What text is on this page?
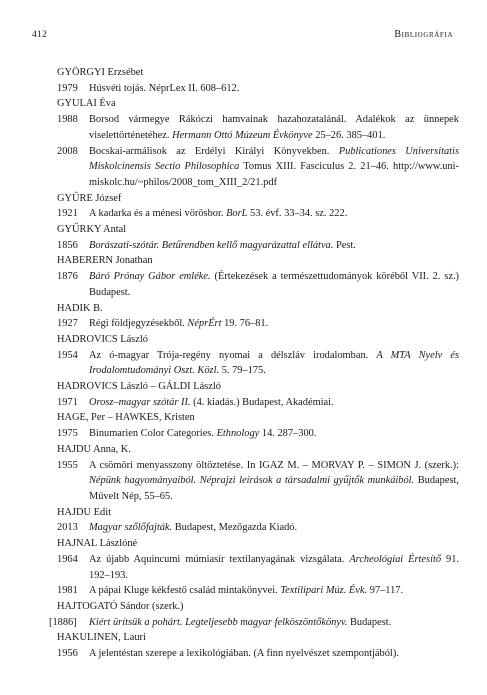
412	Bibliográfia
GYÖRGYI Erzsébet
1979	Húsvéti tojás. NéprLex II. 608–612.
GYULAI Éva
1988	Borsod vármegye Rákóczi hamvainak hazahozatalánál. Adalékok az ünnepek viselettörténetéhez. Hermann Ottó Múzeum Évkönyve 25–26. 385–401.
2008	Bocskai-armálisok az Erdélyi Királyi Könyvekben. Publicationes Universitatis Miskolcinensis Sectio Philosophica Tomus XIII. Fasciculus 2. 21–46. http://www.uni-miskolc.hu/~philos/2008_tom_XIII_2/21.pdf
GYŰRE József
1921	A kadarka és a ménesi vörösbor. BorL 53. évf. 33–34. sz. 222.
GYŰRKY Antal
1856	Borászati-szótár. Betűrendben kellő magyarázattal ellátva. Pest.
HABERERN Jonathan
1876	Báró Prónay Gábor emléke. (Értekezések a természettudományok köréből VII. 2. sz.) Budapest.
HADIK B.
1927	Régi földjegyzésekből. NéprÉrt 19. 76–81.
HADROVICS László
1954	Az ó-magyar Trója-regény nyomai a délszláv irodalomban. A MTA Nyelv és Irodalomtudományi Oszt. Közl. 5. 79–175.
HADROVICS László – GÁLDI László
1971	Orosz–magyar szótár II. (4. kiadás.) Budapest, Akadémiai.
HAGE, Per – HAWKES, Kristen
1975	Binumarien Color Categories. Ethnology 14. 287–300.
HAJDU Anna, K.
1955	A csömöri menyasszony öltöztetése. In IGAZ M. – MORVAY P. – SIMON J. (szerk.): Népünk hagyományaiból. Néprajzi leírások a társadalmi gyűjtők munkáiból. Budapest, Művelt Nép, 55–65.
HAJDU Edit
2013	Magyar szőlőfajták. Budapest, Mezőgazda Kiadó.
HAJNAL Lászlóné
1964	Az újabb Aquincumi múmiasír textilanyagának vizsgálata. Archeológiai Értesítő 91. 192–193.
1981	A pápai Kluge kékfestő család mintakönyvei. Textilipari Múz. Évk. 97–117.
HAJTOGATÓ Sándor (szerk.)
[1886]	Kiért ürítsük a pohárt. Legteljesebb magyar felköszöntőkönyv. Budapest.
HAKULINEN, Lauri
1956	A jelentéstan szerepe a lexikológiában. (A finn nyelvészet szempontjából).
